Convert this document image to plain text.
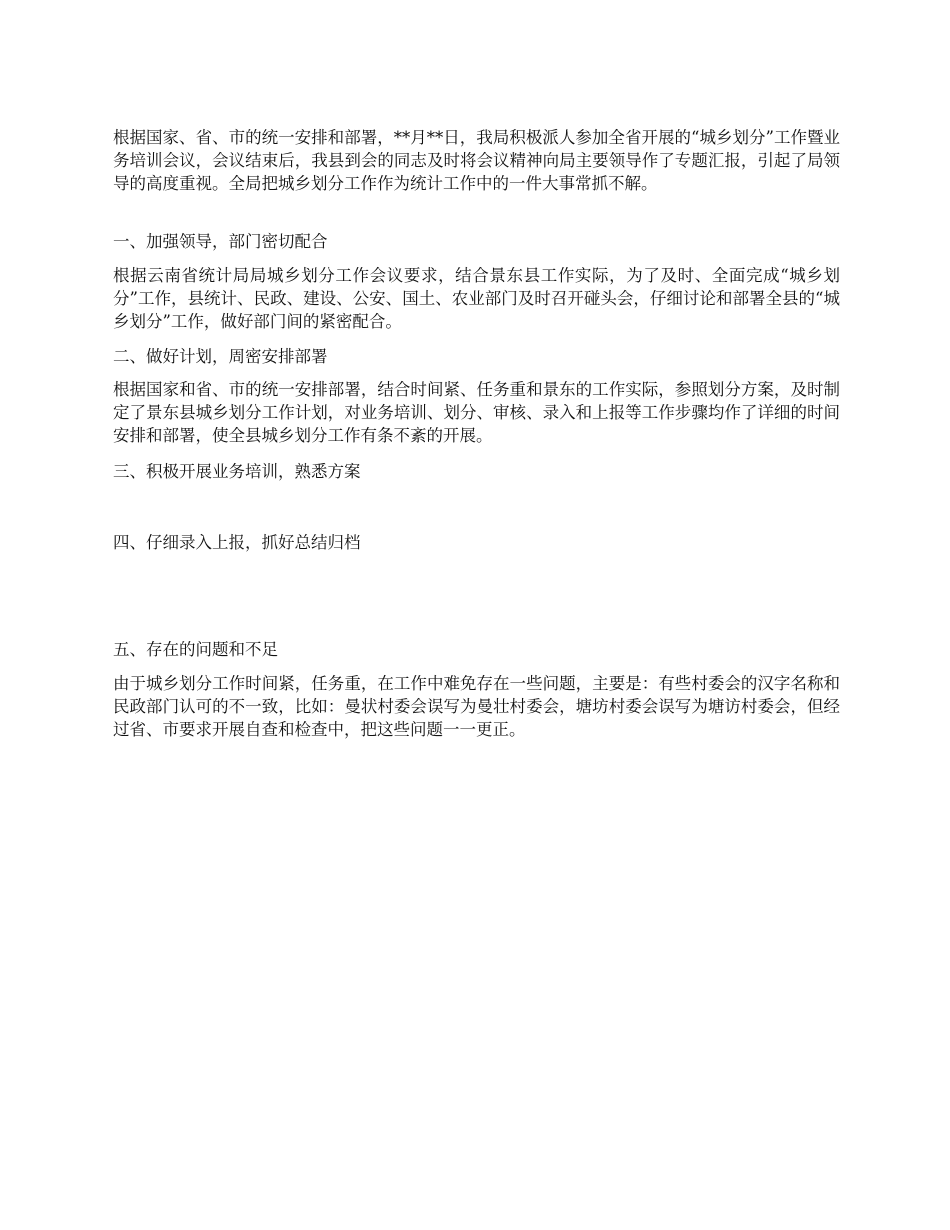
根据国家、省、市的统一安排和部署，**月**日，我局积极派人参加全省开展的“城乡划分”工作暨业务培训会议，会议结束后，我县到会的同志及时将会议精神向局主要领导作了专题汇报，引起了局领导的高度重视。全局把城乡划分工作作为统计工作中的一件大事常抓不解。

一、加强领导，部门密切配合

根据云南省统计局局城乡划分工作会议要求，结合景东县工作实际，为了及时、全面完成“城乡划分”工作，县统计、民政、建设、公安、国土、农业部门及时召开碰头会，仔细讨论和部署全县的“城乡划分”工作，做好部门间的紧密配合。

二、做好计划，周密安排部署

根据国家和省、市的统一安排部署，结合时间紧、任务重和景东的工作实际，参照划分方案，及时制定了景东县城乡划分工作计划，对业务培训、划分、审核、录入和上报等工作步骤均作了详细的时间安排和部署，使全县城乡划分工作有条不紊的开展。

三、积极开展业务培训，熟悉方案

四、仔细录入上报，抓好总结归档

五、存在的问题和不足

由于城乡划分工作时间紧，任务重，在工作中难免存在一些问题，主要是：有些村委会的汉字名称和民政部门认可的不一致，比如：曼状村委会误写为曼壮村委会，塘坊村委会误写为塘访村委会，但经过省、市要求开展自查和检查中，把这些问题一一更正。
